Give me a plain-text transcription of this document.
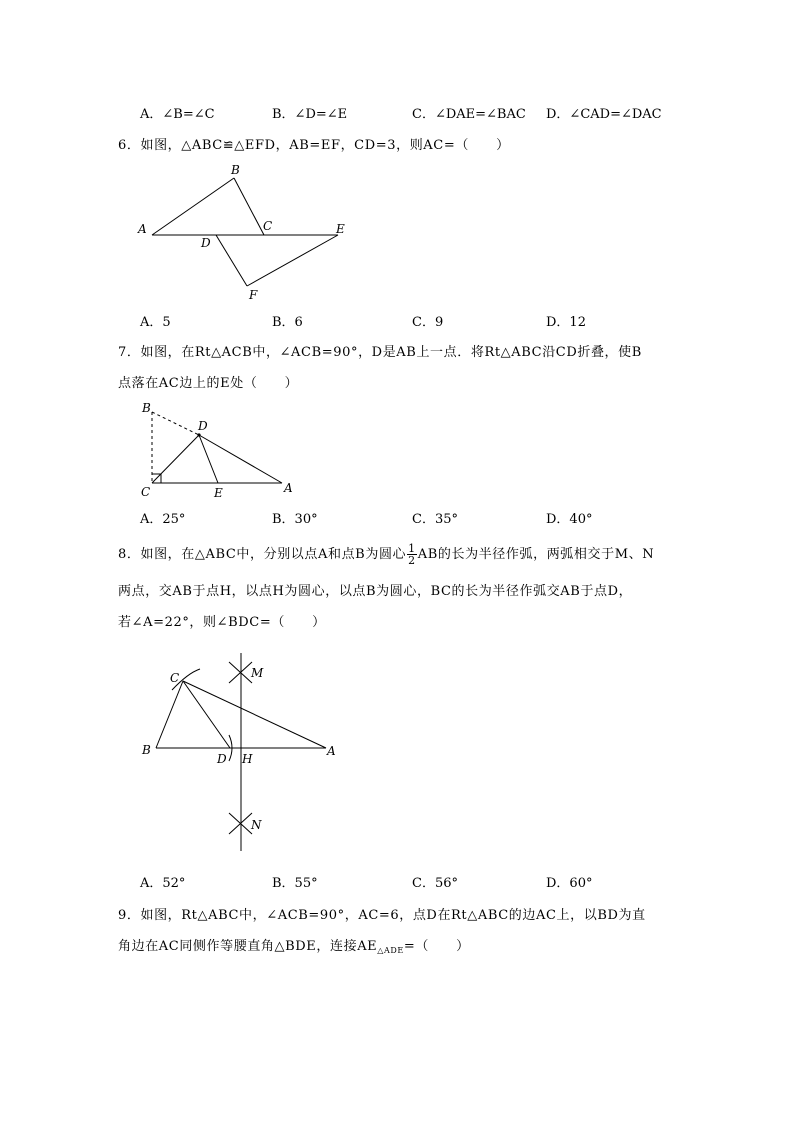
A．∠B=∠C	B．∠D=∠E	C．∠DAE=∠BAC D．∠CAD=∠DAC
6．如图，△ABC≌△EFD，AB=EF，CD=3，则AC=（　　）
A
B
C
D
E
F
A．5	B．6	C．9	D．12
7．如图，在Rt△ACB中，∠ACB=90°，D是AB上一点．将Rt△ABC沿CD折叠，使B
点落在AC边上的E处（　　）
B
D
C	E	A
A．25°	B．30°	C．35°	D．40°
8．如图，在△ABC中，分别以点A和点B为圆心 $\frac{1}{2}$ AB的长为半径作弧，两弧相交于M、N
两点，交AB于点H，以点H为圆心，以点B为圆心，BC的长为半径作弧交AB于点D，
若∠A=22°，则∠BDC=（　　）
C	M
B
D H
A
N
A．52°	B．55°	C．56°	D．60°
9．如图，Rt△ABC中，∠ACB=90°，AC=6，点D在Rt△ABC的边AC上，以BD为直
角边在AC同侧作等腰直角△BDE，连接$AE_{\triangle ADE}=$（　　）
